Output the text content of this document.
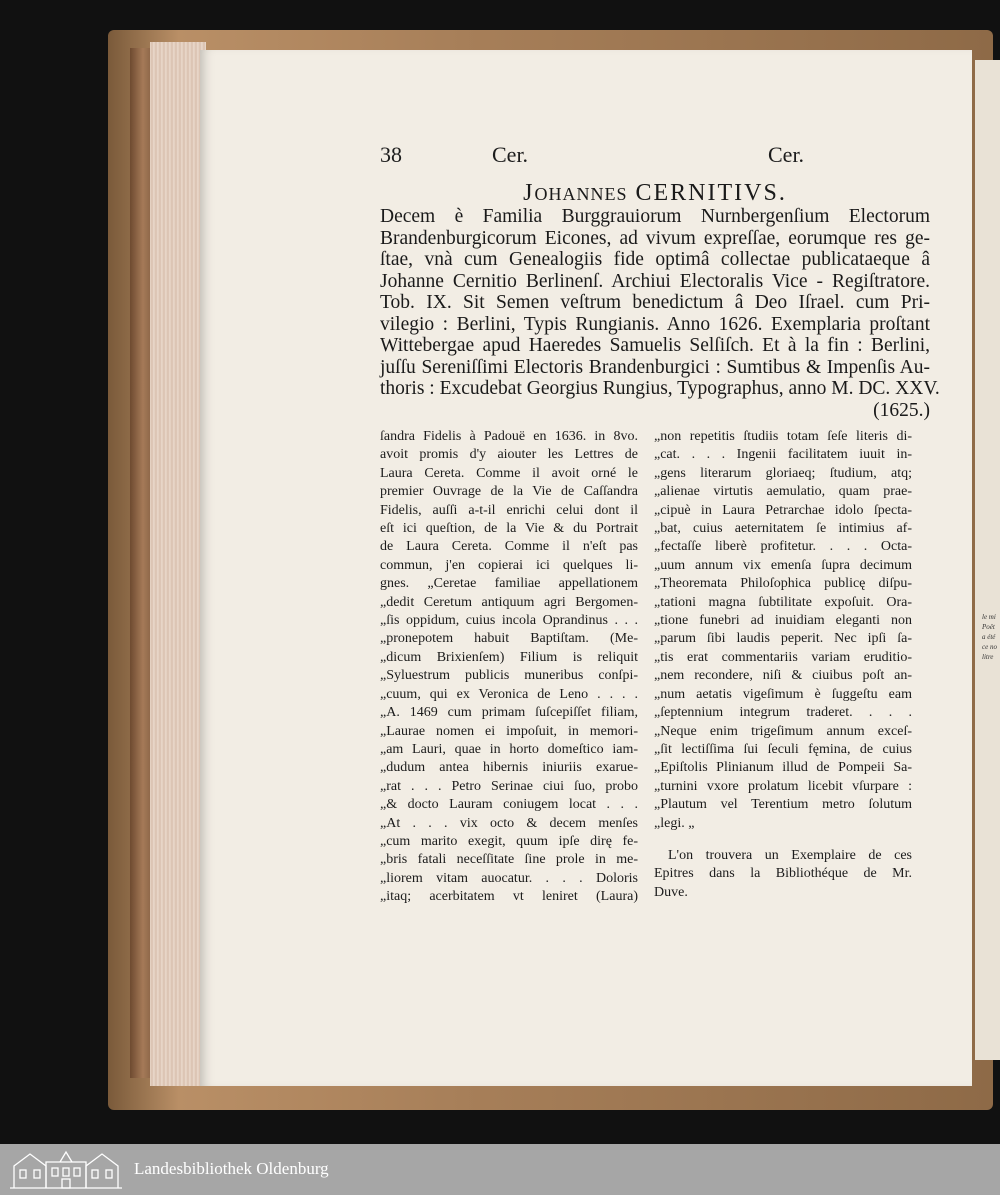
le mi
Poët
a été
ce no
litre
38	Cer.	Cer.
JOHANNES CERNITIVS.
Decem è Familia Burggrauiorum Nurnbergenſium Electorum
Brandenburgicorum Eicones, ad vivum expreſſae, eorumque res ge-
ſtae, vnà cum Genealogiis fide optimâ collectae publicataeque â
Johanne Cernitio Berlinenſ. Archiui Electoralis Vice - Regiſtratore.
Tob. IX. Sit Semen veſtrum benedictum â Deo Iſrael. cum Pri-
vilegio : Berlini, Typis Rungianis. Anno 1626. Exemplaria proſtant
Wittebergae apud Haeredes Samuelis Selſiſch. Et à la fin : Berlini,
juſſu Sereniſſimi Electoris Brandenburgici : Sumtibus & Impenſis Au-
thoris : Excudebat Georgius Rungius, Typographus, anno M. DC. XXV.
(1625.)
ſandra Fidelis à Padouë en 1636. in 8vo.
avoit promis d'y aiouter les Lettres de
Laura Cereta. Comme il avoit orné le
premier Ouvrage de la Vie de Caſſandra
Fidelis, auſſi a-t-il enrichi celui dont il
eſt ici queſtion, de la Vie & du Portrait
de Laura Cereta. Comme il n'eſt pas
commun, j'en copierai ici quelques li-
gnes. „Ceretae familiae appellationem
„dedit Ceretum antiquum agri Bergomen-
„ſis oppidum, cuius incola Oprandinus . . .
„pronepotem habuit Baptiſtam. (Me-
„dicum Brixienſem) Filium is reliquit
„Syluestrum publicis muneribus conſpi-
„cuum, qui ex Veronica de Leno . . . .
„A. 1469 cum primam ſuſcepiſſet filiam,
„Laurae nomen ei impoſuit, in memori-
„am Lauri, quae in horto domeſtico iam-
„dudum antea hibernis iniuriis exarue-
„rat . . . Petro Serinae ciui ſuo, probo
„& docto Lauram coniugem locat . . .
„At . . . vix octo & decem menſes
„cum marito exegit, quum ipſe dirę fe-
„bris fatali neceſſitate ſine prole in me-
„liorem vitam auocatur. . . . Doloris
„itaq; acerbitatem vt leniret (Laura)
„non repetitis ſtudiis totam ſeſe literis di-
„cat. . . . Ingenii facilitatem iuuit in-
„gens literarum gloriaeq; ſtudium, atq;
„alienae virtutis aemulatio, quam prae-
„cipuè in Laura Petrarchae idolo ſpecta-
„bat, cuius aeternitatem ſe intimius af-
„fectaſſe liberè profitetur. . . . Octa-
„uum annum vix emenſa ſupra decimum
„Theoremata Philoſophica publicę diſpu-
„tationi magna ſubtilitate expoſuit. Ora-
„tione funebri ad inuidiam eleganti non
„parum ſibi laudis peperit. Nec ipſi ſa-
„tis erat commentariis variam eruditio-
„nem recondere, niſi & ciuibus poſt an-
„num aetatis vigeſimum è ſuggeſtu eam
„ſeptennium integrum traderet. . . .
„Neque enim trigeſimum annum exceſ-
„ſit lectiſſima ſui ſeculi fęmina, de cuius
„Epiſtolis Plinianum illud de Pompeii Sa-
„turnini vxore prolatum licebit vſurpare :
„Plautum vel Terentium metro ſolutum
„legi. „
L'on trouvera un Exemplaire de ces
Epitres dans la Bibliothéque de Mr.
Duve.
Landesbibliothek Oldenburg
